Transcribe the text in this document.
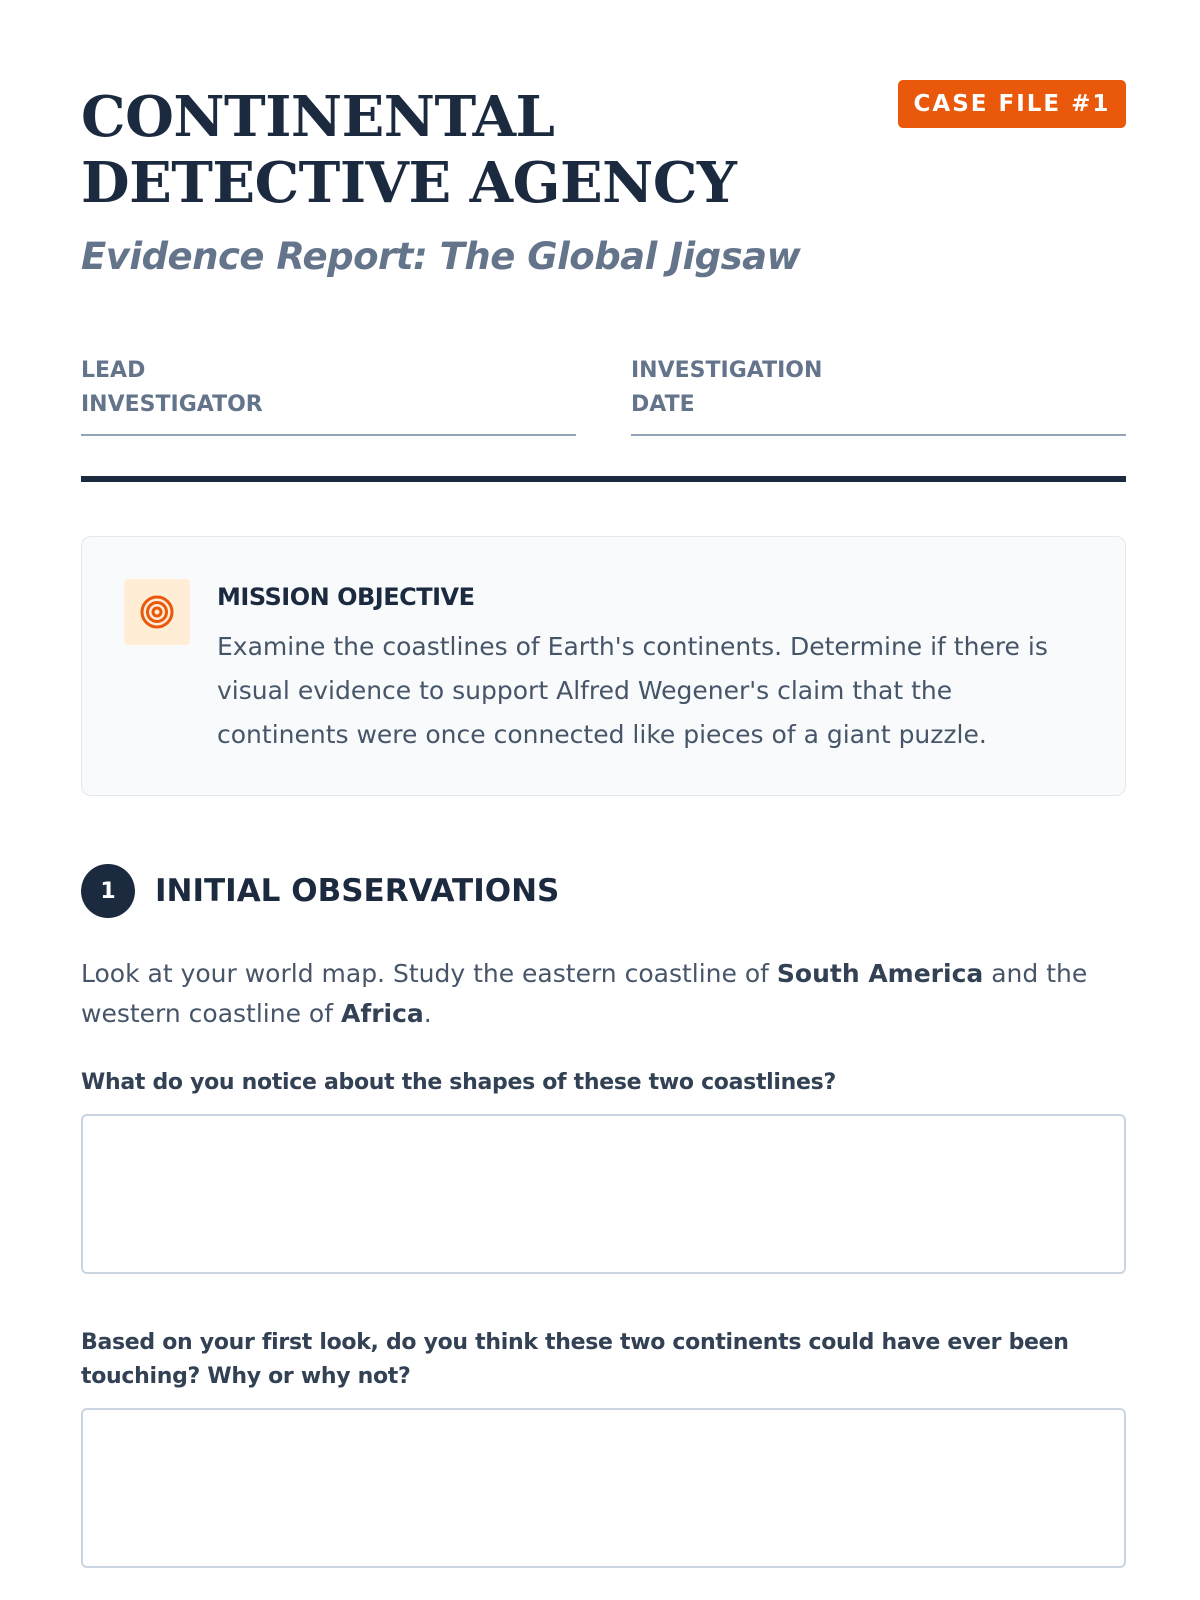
CONTINENTAL DETECTIVE AGENCY
CASE FILE #1
Evidence Report: The Global Jigsaw
LEAD INVESTIGATOR
INVESTIGATION DATE
MISSION OBJECTIVE
Examine the coastlines of Earth's continents. Determine if there is visual evidence to support Alfred Wegener's claim that the continents were once connected like pieces of a giant puzzle.
1	INITIAL OBSERVATIONS
Look at your world map. Study the eastern coastline of South America and the western coastline of Africa.
What do you notice about the shapes of these two coastlines?
Based on your first look, do you think these two continents could have ever been touching? Why or why not?
